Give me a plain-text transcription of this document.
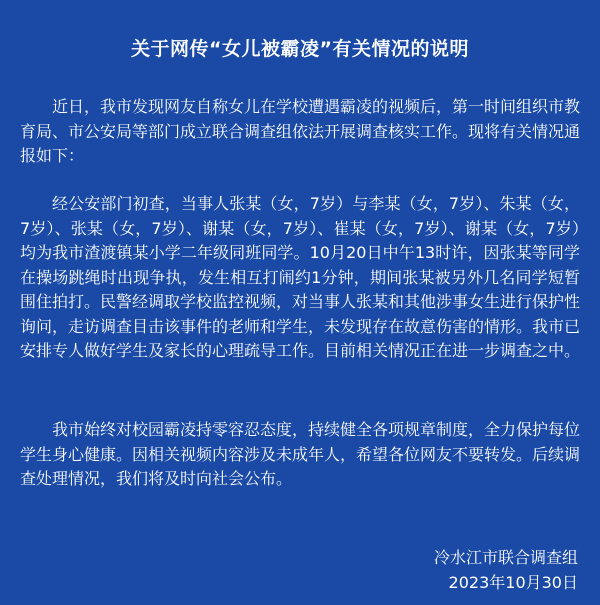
关于网传“女儿被霸凌”有关情况的说明

近日，我市发现网友自称女儿在学校遭遇霸凌的视频后，第一时间组织市教育局、市公安局等部门成立联合调查组依法开展调查核实工作。现将有关情况通报如下：

经公安部门初查，当事人张某（女，7岁）与李某（女，7岁）、朱某（女，7岁）、张某（女，7岁）、谢某（女，7岁）、崔某（女，7岁）、谢某（女，7岁）均为我市渣渡镇某小学二年级同班同学。10月20日中午13时许，因张某等同学在操场跳绳时出现争执，发生相互打闹约1分钟，期间张某被另外几名同学短暂围住拍打。民警经调取学校监控视频，对当事人张某和其他涉事女生进行保护性询问，走访调查目击该事件的老师和学生，未发现存在故意伤害的情形。我市已安排专人做好学生及家长的心理疏导工作。目前相关情况正在进一步调查之中。

我市始终对校园霸凌持零容忍态度，持续健全各项规章制度，全力保护每位学生身心健康。因相关视频内容涉及未成年人，希望各位网友不要转发。后续调查处理情况，我们将及时向社会公布。

冷水江市联合调查组
2023年10月30日
